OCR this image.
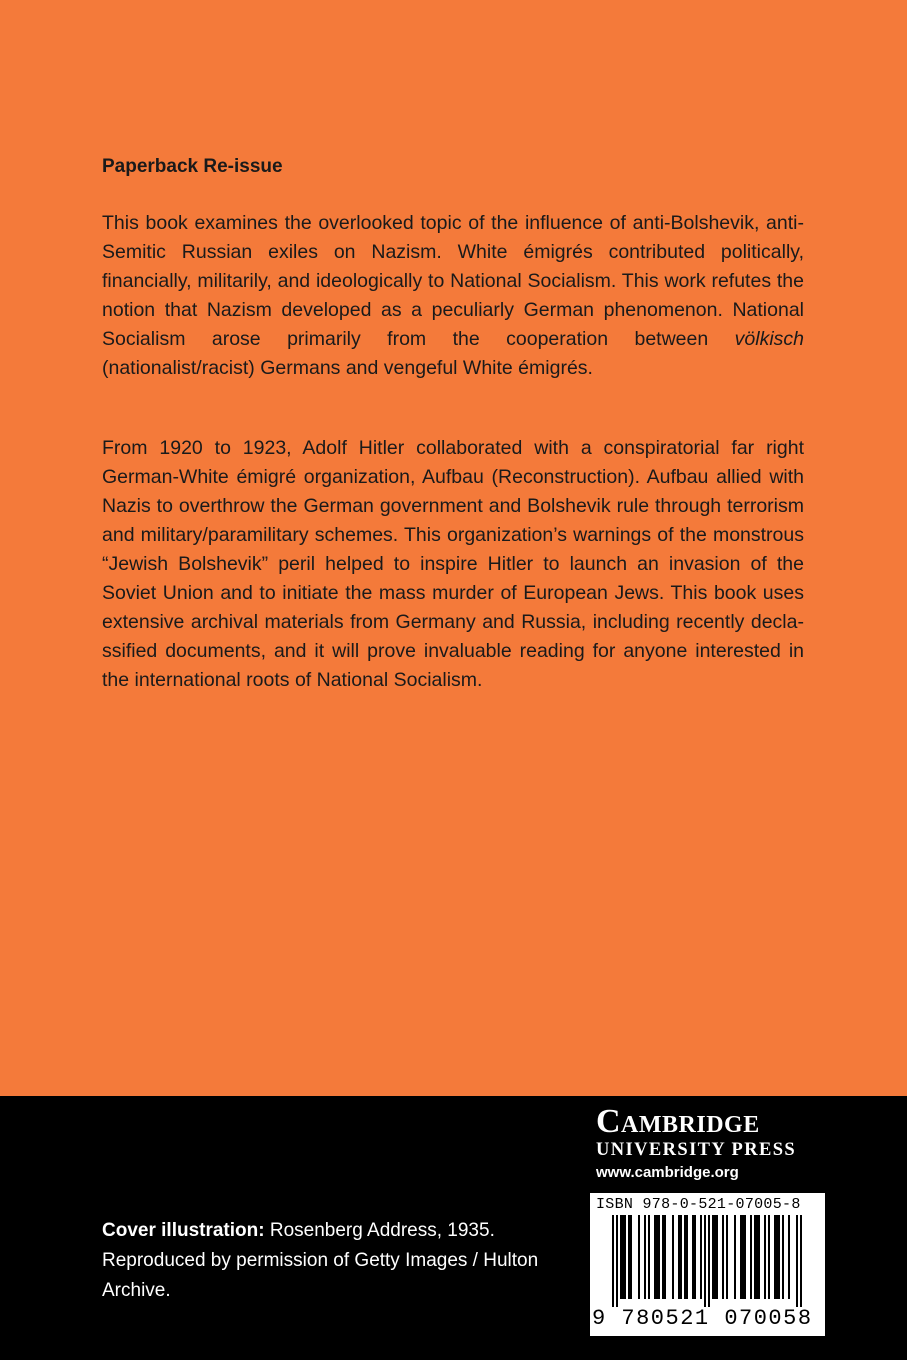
Paperback Re-issue

This book examines the overlooked topic of the influence of anti-Bolshevik, anti-Semitic Russian exiles on Nazism. White émigrés contributed politically, financially, militarily, and ideologically to National Socialism. This work refutes the notion that Nazism developed as a peculiarly German phenomenon. National Socialism arose primarily from the cooperation between völkisch (nationalist/racist) Germans and vengeful White émigrés.

From 1920 to 1923, Adolf Hitler collaborated with a conspiratorial far right German-White émigré organization, Aufbau (Reconstruction). Aufbau allied with Nazis to overthrow the German government and Bolshevik rule through terrorism and military/paramilitary schemes. This organization’s warnings of the monstrous “Jewish Bolshevik” peril helped to inspire Hitler to launch an invasion of the Soviet Union and to initiate the mass murder of European Jews. This book uses extensive archival materials from Germany and Russia, including recently declassified documents, and it will prove invaluable reading for anyone interested in the international roots of National Socialism.

Cover illustration: Rosenberg Address, 1935. Reproduced by permission of Getty Images / Hulton Archive.

Cambridge
UNIVERSITY PRESS
www.cambridge.org
ISBN 978-0-521-07005-8
9 780521 070058 >
